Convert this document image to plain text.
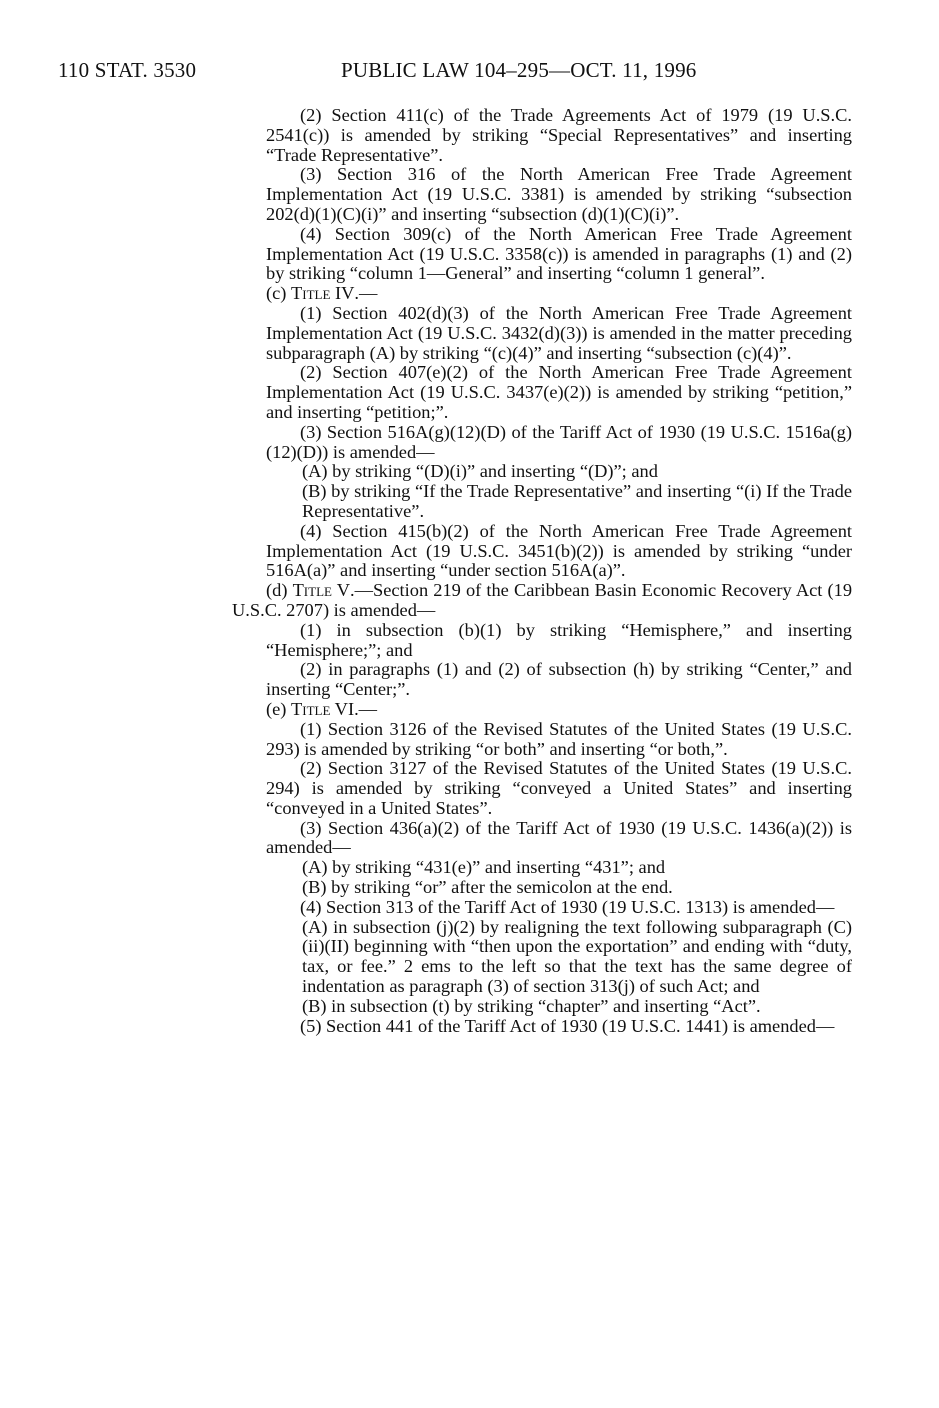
110 STAT. 3530	PUBLIC LAW 104–295—OCT. 11, 1996

(2) Section 411(c) of the Trade Agreements Act of 1979 (19 U.S.C. 2541(c)) is amended by striking “Special Representatives” and inserting “Trade Representative”.

(3) Section 316 of the North American Free Trade Agreement Implementation Act (19 U.S.C. 3381) is amended by striking “subsection 202(d)(1)(C)(i)” and inserting “subsection (d)(1)(C)(i)”.

(4) Section 309(c) of the North American Free Trade Agreement Implementation Act (19 U.S.C. 3358(c)) is amended in paragraphs (1) and (2) by striking “column 1—General” and inserting “column 1 general”.

(c) Title IV.—

(1) Section 402(d)(3) of the North American Free Trade Agreement Implementation Act (19 U.S.C. 3432(d)(3)) is amended in the matter preceding subparagraph (A) by striking “(c)(4)” and inserting “subsection (c)(4)”.

(2) Section 407(e)(2) of the North American Free Trade Agreement Implementation Act (19 U.S.C. 3437(e)(2)) is amended by striking “petition,” and inserting “petition;”.

(3) Section 516A(g)(12)(D) of the Tariff Act of 1930 (19 U.S.C. 1516a(g)(12)(D)) is amended—

(A) by striking “(D)(i)” and inserting “(D)”; and

(B) by striking “If the Trade Representative” and inserting “(i) If the Trade Representative”.

(4) Section 415(b)(2) of the North American Free Trade Agreement Implementation Act (19 U.S.C. 3451(b)(2)) is amended by striking “under 516A(a)” and inserting “under section 516A(a)”.

(d) Title V.—Section 219 of the Caribbean Basin Economic Recovery Act (19 U.S.C. 2707) is amended—

(1) in subsection (b)(1) by striking “Hemisphere,” and inserting “Hemisphere;”; and

(2) in paragraphs (1) and (2) of subsection (h) by striking “Center,” and inserting “Center;”.

(e) Title VI.—

(1) Section 3126 of the Revised Statutes of the United States (19 U.S.C. 293) is amended by striking “or both” and inserting “or both,”.

(2) Section 3127 of the Revised Statutes of the United States (19 U.S.C. 294) is amended by striking “conveyed a United States” and inserting “conveyed in a United States”.

(3) Section 436(a)(2) of the Tariff Act of 1930 (19 U.S.C. 1436(a)(2)) is amended—

(A) by striking “431(e)” and inserting “431”; and

(B) by striking “or” after the semicolon at the end.

(4) Section 313 of the Tariff Act of 1930 (19 U.S.C. 1313) is amended—

(A) in subsection (j)(2) by realigning the text following subparagraph (C)(ii)(II) beginning with “then upon the exportation” and ending with “duty, tax, or fee.” 2 ems to the left so that the text has the same degree of indentation as paragraph (3) of section 313(j) of such Act; and

(B) in subsection (t) by striking “chapter” and inserting “Act”.

(5) Section 441 of the Tariff Act of 1930 (19 U.S.C. 1441) is amended—
